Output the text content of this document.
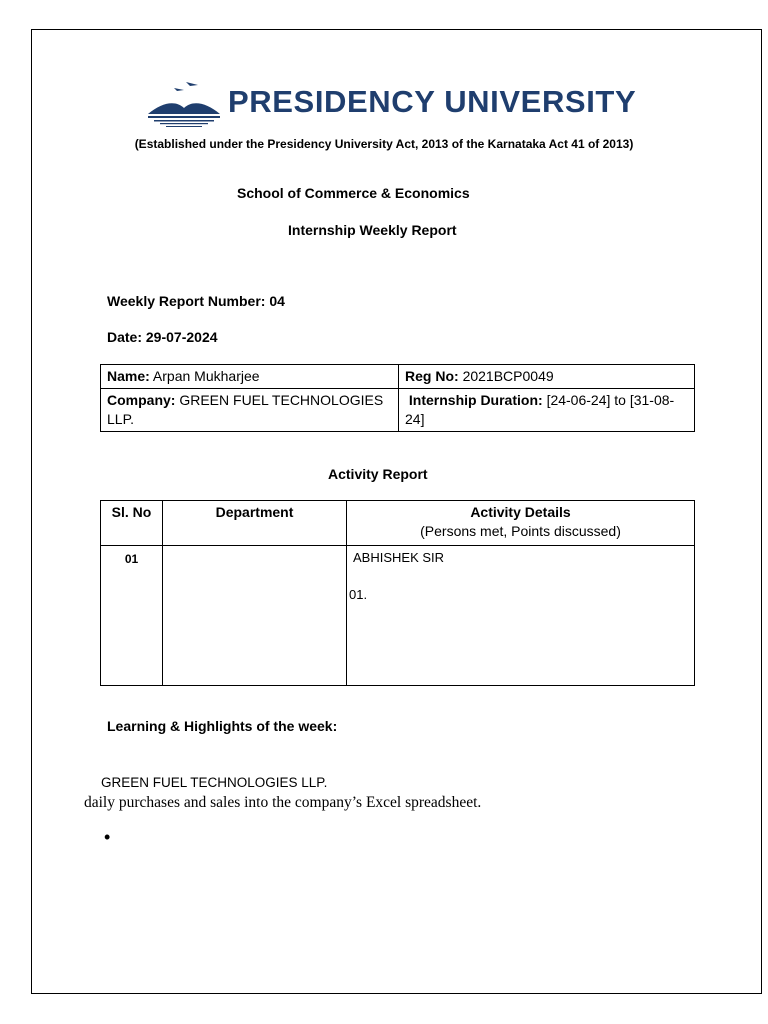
PRESIDENCY UNIVERSITY
(Established under the Presidency University Act, 2013 of the Karnataka Act 41 of 2013)
School of Commerce & Economics
Internship Weekly Report
Weekly Report Number: 04
Date: 29-07-2024
Name: Arpan Mukharjee	Reg No: 2021BCP0049
Company: GREEN FUEL TECHNOLOGIES LLP.	Internship Duration: [24-06-24] to [31-08-24]
Activity Report
Sl. No	Department	Activity Details
(Persons met, Points discussed)

01		ABHISHEK SIR
01.
Learning & Highlights of the week:
GREEN FUEL TECHNOLOGIES LLP.
daily purchases and sales into the company’s Excel spreadsheet.
•
